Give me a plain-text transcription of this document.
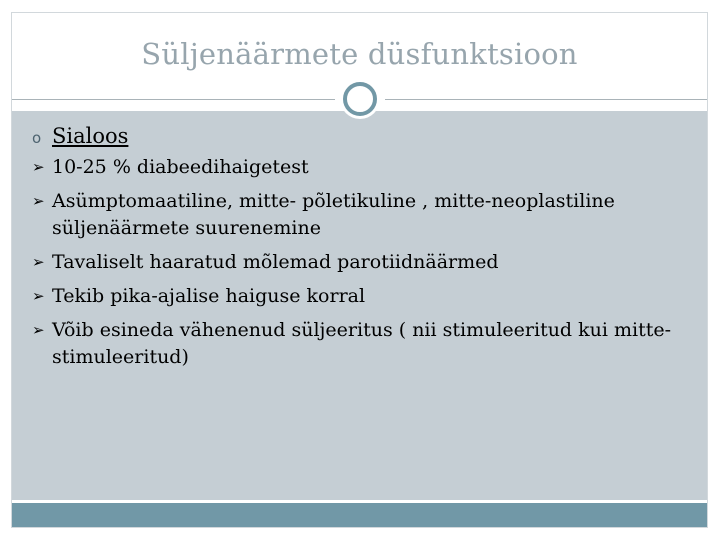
Süljenäärmete düsfunktsioon
o Sialoos
➢ 10-25 % diabeedihaigetest
➢ Asümptomaatiline, mitte- põletikuline , mitte-neoplastiline süljenäärmete suurenemine
➢ Tavaliselt haaratud mõlemad parotiidnäärmed
➢ Tekib pika-ajalise haiguse korral
➢ Võib esineda vähenenud süljeeritus ( nii stimuleeritud kui mitte-stimuleeritud)
